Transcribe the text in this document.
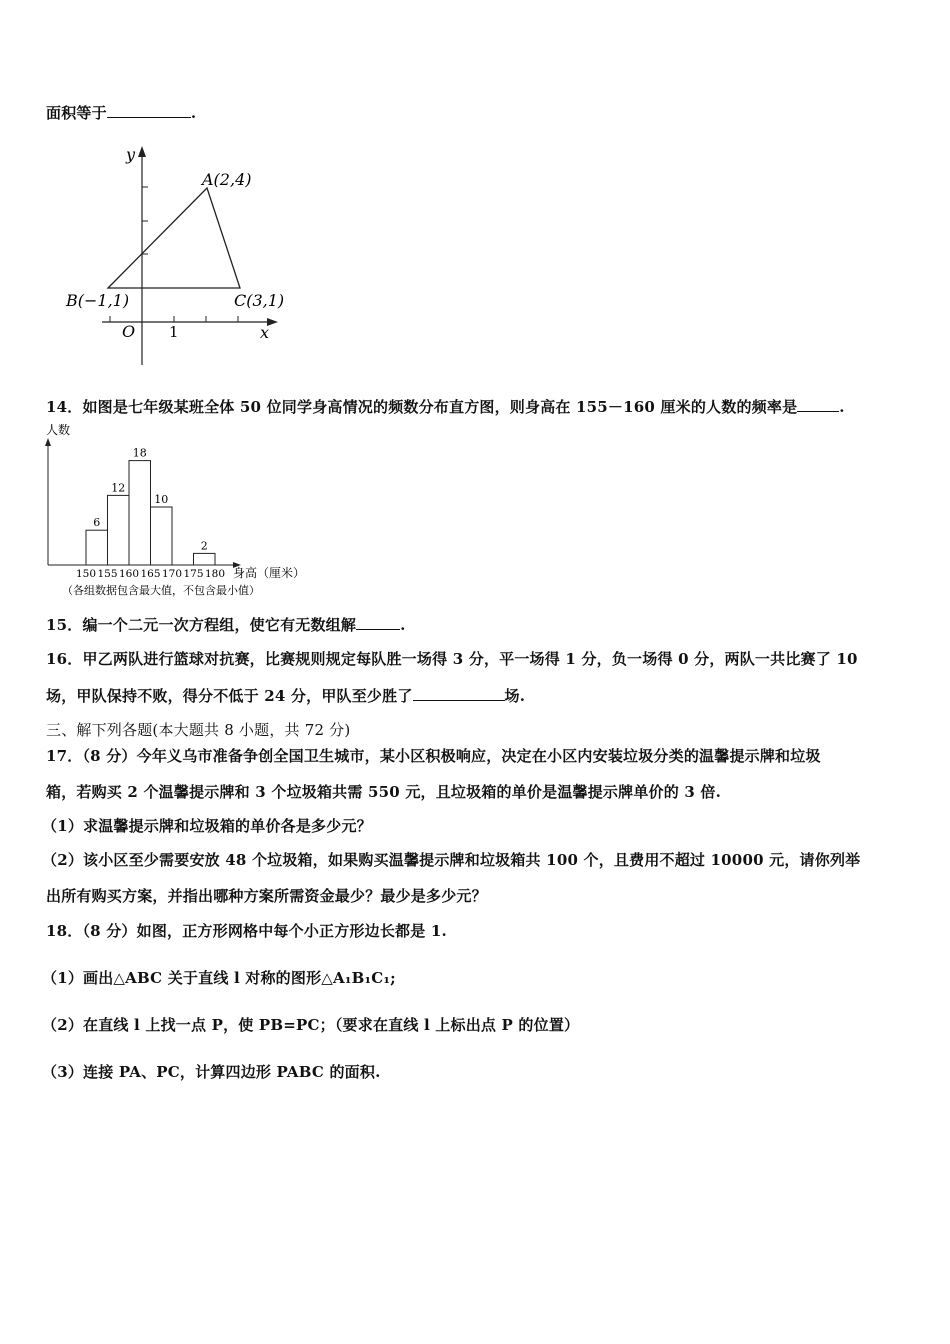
面积等于	.
y
x
O 1
A(2,4)
B(−1,1)	C(3,1)
14．如图是七年级某班全体 50 位同学身高情况的频数分布直方图，则身高在 155－160 厘米的人数的频率是	.
人数
6
12
18
10
2
150 155 160 165 170 175 180 身高（厘米）
（各组数据包含最大值，不包含最小值）
15．编一个二元一次方程组，使它有无数组解	.
16．甲乙两队进行篮球对抗赛，比赛规则规定每队胜一场得 3 分，平一场得 1 分，负一场得 0 分，两队一共比赛了 10
场，甲队保持不败，得分不低于 24 分，甲队至少胜了	场.
三、解下列各题(本大题共 8 小题，共 72 分)
17．（8 分）今年义乌市准备争创全国卫生城市，某小区积极响应，决定在小区内安装垃圾分类的温馨提示牌和垃圾
箱，若购买 2 个温馨提示牌和 3 个垃圾箱共需 550 元，且垃圾箱的单价是温馨提示牌单价的 3 倍.
（1）求温馨提示牌和垃圾箱的单价各是多少元？
（2）该小区至少需要安放 48 个垃圾箱，如果购买温馨提示牌和垃圾箱共 100 个，且费用不超过 10000 元，请你列举
出所有购买方案，并指出哪种方案所需资金最少？最少是多少元？
18．（8 分）如图，正方形网格中每个小正方形边长都是 1.
（1）画出△ABC 关于直线 l 对称的图形△A₁B₁C₁;
（2）在直线 l 上找一点 P，使 PB=PC；（要求在直线 l 上标出点 P 的位置）
（3）连接 PA、PC，计算四边形 PABC 的面积.
